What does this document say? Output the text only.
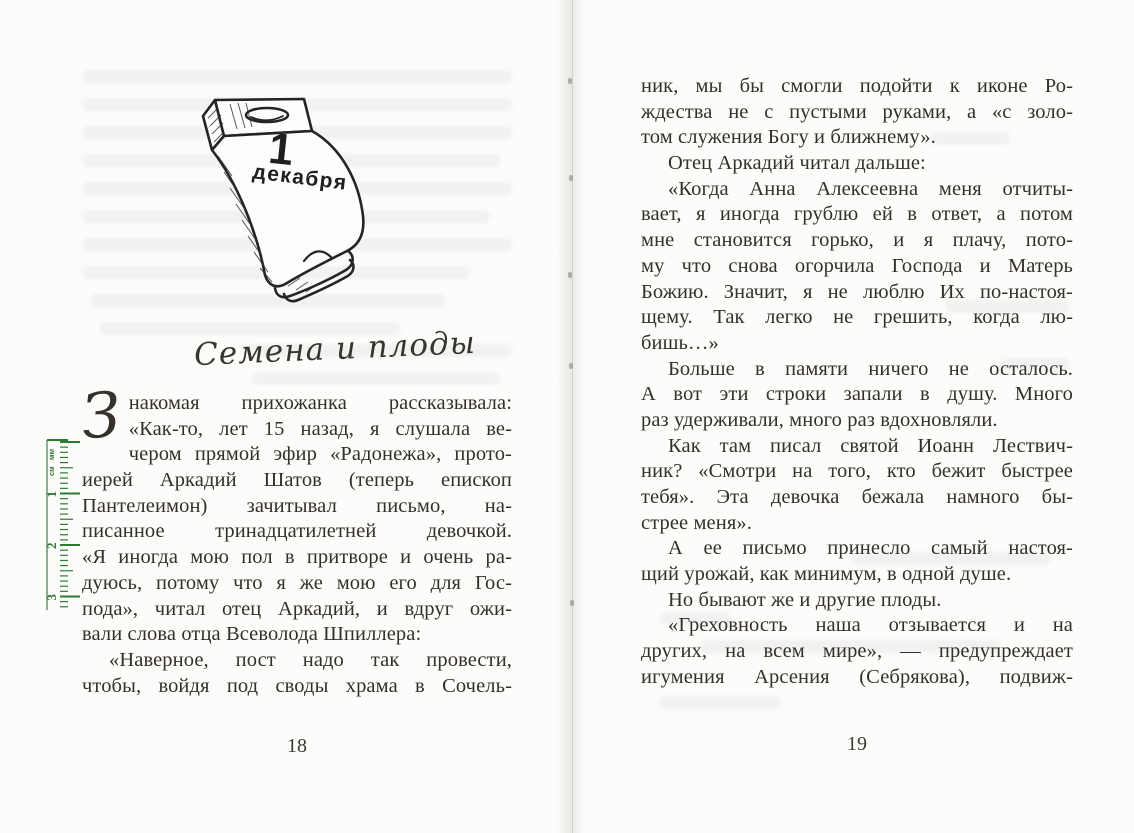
1
декабря
1
2
3
мм
см
Семена и плоды
З накомая прихожанка рассказывала:
«Как-то, лет 15 назад, я слушала ве-
чером прямой эфир «Радонежа», прото-
иерей Аркадий Шатов (теперь епископ
Пантелеимон) зачитывал письмо, на-
писанное тринадцатилетней девочкой.
«Я иногда мою пол в притворе и очень ра-
дуюсь, потому что я же мою его для Гос-
пода», читал отец Аркадий, и вдруг ожи-
вали слова отца Всеволода Шпиллера:
«Наверное, пост надо так провести,
чтобы, войдя под своды храма в Сочель-
18
ник, мы бы смогли подойти к иконе Ро-
ждества не с пустыми руками, а «с золо-
том служения Богу и ближнему».
Отец Аркадий читал дальше:
«Когда Анна Алексеевна меня отчиты-
вает, я иногда грублю ей в ответ, а потом
мне становится горько, и я плачу, пото-
му что снова огорчила Господа и Матерь
Божию. Значит, я не люблю Их по-настоя-
щему. Так легко не грешить, когда лю-
бишь…»
Больше в памяти ничего не осталось.
А вот эти строки запали в душу. Много
раз удерживали, много раз вдохновляли.
Как там писал святой Иоанн Лествич-
ник? «Смотри на того, кто бежит быстрее
тебя». Эта девочка бежала намного бы-
стрее меня».
А ее письмо принесло самый настоя-
щий урожай, как минимум, в одной душе.
Но бывают же и другие плоды.
«Греховность наша отзывается и на
других, на всем мире», — предупреждает
игумения Арсения (Себрякова), подвиж-
19
